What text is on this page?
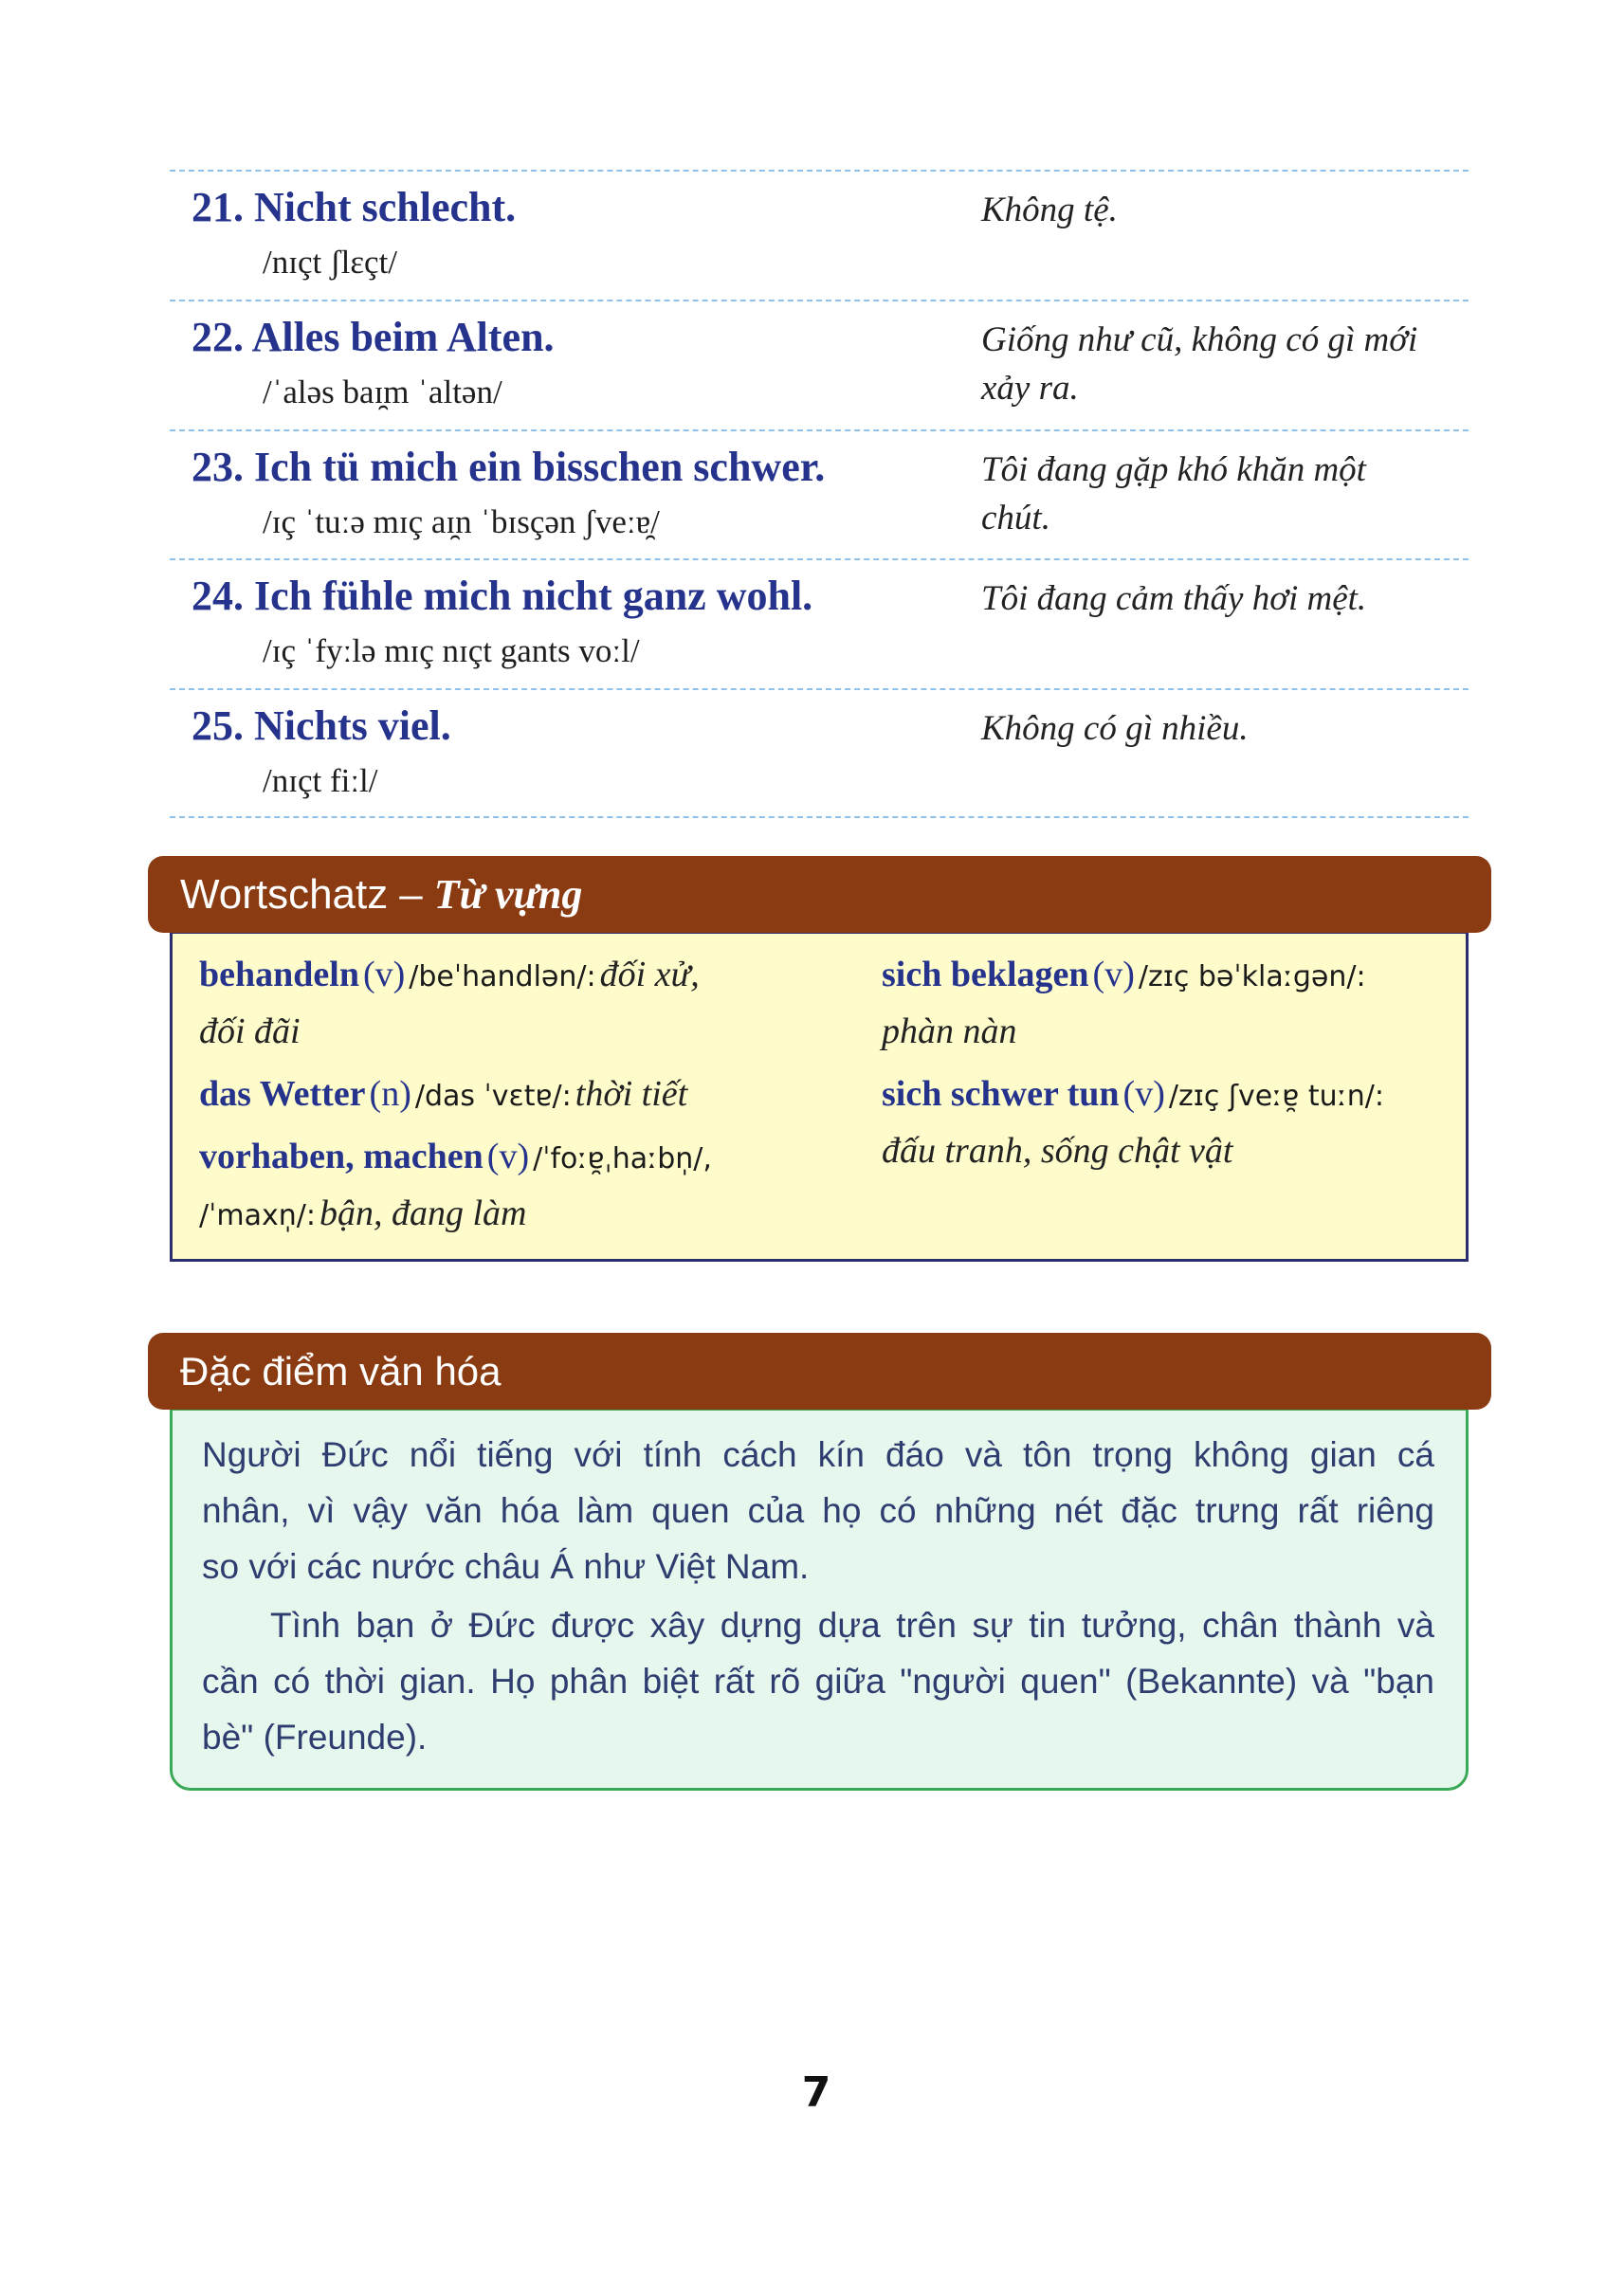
21. Nicht schlecht.
/nɪçt ʃlɛçt/
Không tệ.
22. Alles beim Alten.
/ˈaləs baɪ̯m ˈaltən/
Giống như cũ, không có gì mới
xảy ra.
23. Ich tü mich ein bisschen schwer.
/ɪç ˈtuːə mɪç aɪ̯n ˈbɪsçən ʃveːɐ̯/
Tôi đang gặp khó khăn một
chút.
24. Ich fühle mich nicht ganz wohl.
/ɪç ˈfyːlə mɪç nɪçt gants voːl/
Tôi đang cảm thấy hơi mệt.
25. Nichts viel.
/nɪçt fiːl/
Không có gì nhiều.
Wortschatz – Từ vựng
behandeln (v) /beˈhandlən/: đối xử,
đối đãi
das Wetter (n) /das ˈvɛtɐ/: thời tiết
vorhaben, machen (v) /ˈfoːɐ̯ˌhaːbn̩/,
/ˈmaxn̩/: bận, đang làm
sich beklagen (v) /zɪç bəˈklaːɡən/:
phàn nàn
sich schwer tun (v) /zɪç ʃveːɐ̯ tuːn/:
đấu tranh, sống chật vật
Đặc điểm văn hóa
Người Đức nổi tiếng với tính cách kín đáo và tôn trọng không gian cá
nhân, vì vậy văn hóa làm quen của họ có những nét đặc trưng rất riêng
so với các nước châu Á như Việt Nam.
Tình bạn ở Đức được xây dựng dựa trên sự tin tưởng, chân thành và
cần có thời gian. Họ phân biệt rất rõ giữa "người quen" (Bekannte) và "bạn
bè" (Freunde).
7
